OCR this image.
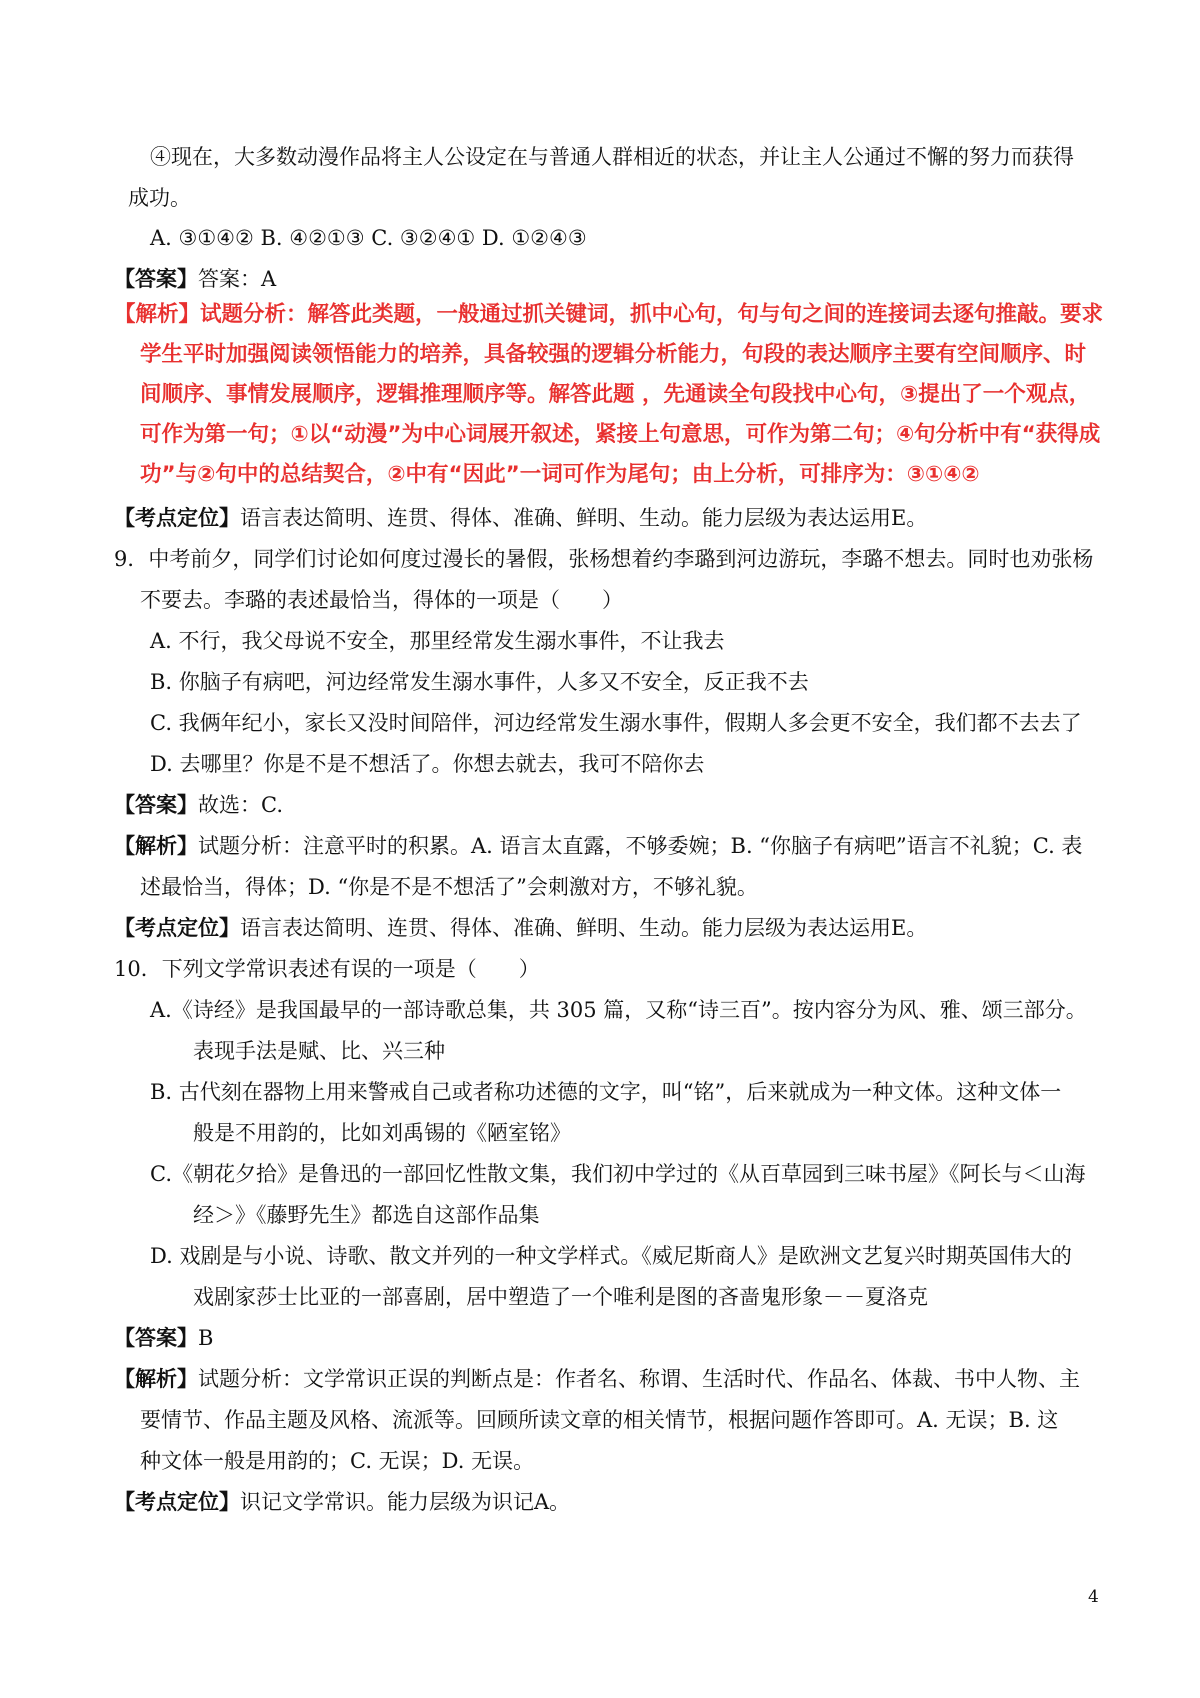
④现在，大多数动漫作品将主人公设定在与普通人群相近的状态，并让主人公通过不懈的努力而获得
成功。
A. ③①④② B. ④②①③ C. ③②④① D. ①②④③
【答案】答案：A
【解析】试题分析：解答此类题，一般通过抓关键词，抓中心句，句与句之间的连接词去逐句推敲。要求
学生平时加强阅读领悟能力的培养，具备较强的逻辑分析能力，句段的表达顺序主要有空间顺序、时
间顺序、事情发展顺序，逻辑推理顺序等。解答此题 ，先通读全句段找中心句，③提出了一个观点，
可作为第一句；①以“动漫”为中心词展开叙述，紧接上句意思，可作为第二句；④句分析中有“获得成
功”与②句中的总结契合，②中有“因此”一词可作为尾句；由上分析，可排序为：③①④②
【考点定位】语言表达简明、连贯、得体、准确、鲜明、生动。能力层级为表达运用E。
9．中考前夕，同学们讨论如何度过漫长的暑假，张杨想着约李璐到河边游玩，李璐不想去。同时也劝张杨
不要去。李璐的表述最恰当，得体的一项是（　　）
A. 不行，我父母说不安全，那里经常发生溺水事件，不让我去
B. 你脑子有病吧，河边经常发生溺水事件，人多又不安全，反正我不去
C. 我俩年纪小，家长又没时间陪伴，河边经常发生溺水事件，假期人多会更不安全，我们都不去去了
D. 去哪里？你是不是不想活了。你想去就去，我可不陪你去
【答案】故选：C.
【解析】试题分析：注意平时的积累。A. 语言太直露，不够委婉；B. “你脑子有病吧”语言不礼貌；C. 表
述最恰当，得体；D. “你是不是不想活了”会刺激对方，不够礼貌。
【考点定位】语言表达简明、连贯、得体、准确、鲜明、生动。能力层级为表达运用E。
10．下列文学常识表述有误的一项是（　　）
A.《诗经》是我国最早的一部诗歌总集，共 305 篇，又称“诗三百”。按内容分为风、雅、颂三部分。
表现手法是赋、比、兴三种
B. 古代刻在器物上用来警戒自己或者称功述德的文字，叫“铭”，后来就成为一种文体。这种文体一
般是不用韵的，比如刘禹锡的《陋室铭》
C.《朝花夕拾》是鲁迅的一部回忆性散文集，我们初中学过的《从百草园到三味书屋》《阿长与＜山海
经＞》《藤野先生》都选自这部作品集
D. 戏剧是与小说、诗歌、散文并列的一种文学样式。《威尼斯商人》是欧洲文艺复兴时期英国伟大的
戏剧家莎士比亚的一部喜剧，居中塑造了一个唯利是图的吝啬鬼形象－－夏洛克
【答案】B
【解析】试题分析：文学常识正误的判断点是：作者名、称谓、生活时代、作品名、体裁、书中人物、主
要情节、作品主题及风格、流派等。回顾所读文章的相关情节，根据问题作答即可。A. 无误；B. 这
种文体一般是用韵的；C. 无误；D. 无误。
【考点定位】识记文学常识。能力层级为识记A。
4
